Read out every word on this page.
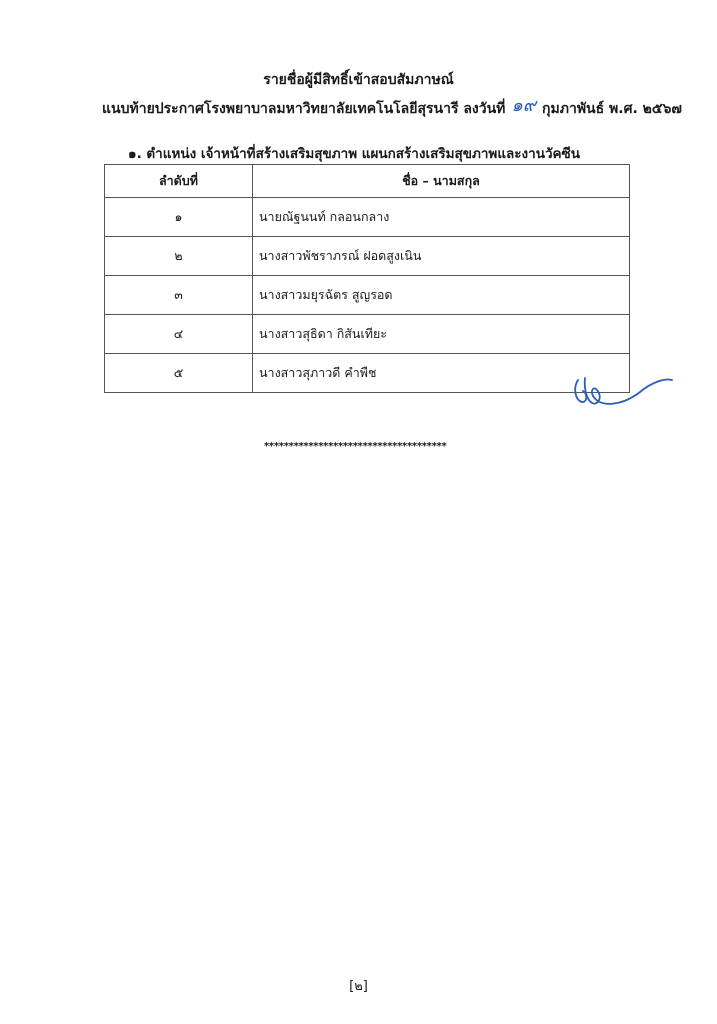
รายชื่อผู้มีสิทธิ์เข้าสอบสัมภาษณ์
แนบท้ายประกาศโรงพยาบาลมหาวิทยาลัยเทคโนโลยีสุรนารี ลงวันที่ ๑๙ กุมภาพันธ์ พ.ศ. ๒๕๖๗
๑. ตำแหน่ง เจ้าหน้าที่สร้างเสริมสุขภาพ แผนกสร้างเสริมสุขภาพและงานวัคซีน
ลำดับที่	ชื่อ – นามสกุล
๑	นายณัฐนนท์ กลอนกลาง
๒	นางสาวพัชราภรณ์ ฝอดสูงเนิน
๓	นางสาวมยุรฉัตร สูญรอด
๔	นางสาวสุธิดา กิสันเทียะ
๕	นางสาวสุภาวดี คำพืช
*************************************
[๒]
